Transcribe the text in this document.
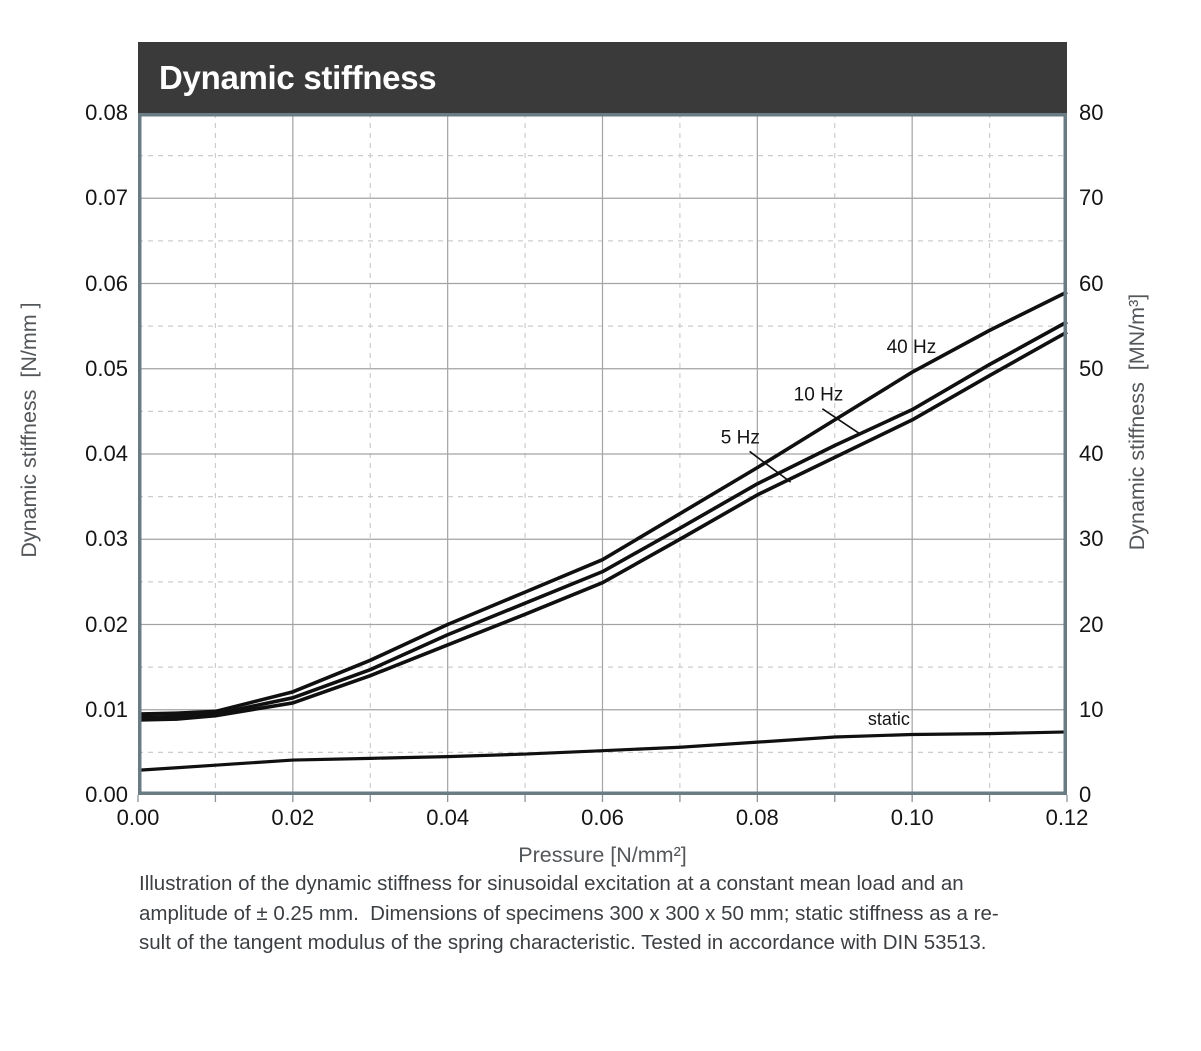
Dynamic stiffness
40 Hz
10 Hz
5 Hz
static
0.00
0.01
0.02
0.03
0.04
0.05
0.06
0.07
0.08
0
10
20
30
40
50
60
70
80
0.00	0.02	0.04	0.06	0.08	0.10	0.12
Pressure [N/mm²]
Dynamic stiffness  [N/mm ]	Dynamic stiffness  [MN/m³]
Illustration of the dynamic stiffness for sinusoidal excitation at a constant mean load and an
amplitude of ± 0.25 mm.  Dimensions of specimens 300 x 300 x 50 mm; static stiffness as a re-
sult of the tangent modulus of the spring characteristic. Tested in accordance with DIN 53513.
